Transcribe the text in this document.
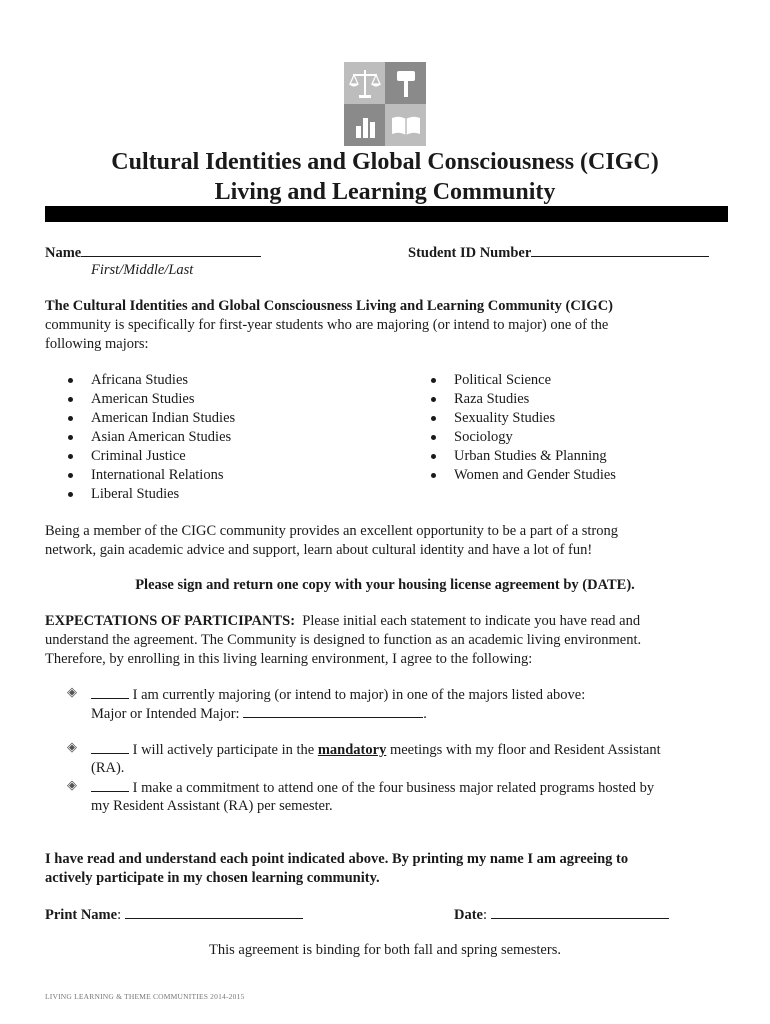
Cultural Identities and Global Consciousness (CIGC)
Living and Learning Community
Name
First/Middle/Last
Student ID Number
The Cultural Identities and Global Consciousness Living and Learning Community (CIGC)
community is specifically for first-year students who are majoring (or intend to major) one of the
following majors:
Africana Studies
American Studies
American Indian Studies
Asian American Studies
Criminal Justice
International Relations
Liberal Studies
Political Science
Raza Studies
Sexuality Studies
Sociology
Urban Studies & Planning
Women and Gender Studies
Being a member of the CIGC community provides an excellent opportunity to be a part of a strong
network, gain academic advice and support, learn about cultural identity and have a lot of fun!
Please sign and return one copy with your housing license agreement by (DATE).
EXPECTATIONS OF PARTICIPANTS: Please initial each statement to indicate you have read and
understand the agreement. The Community is designed to function as an academic living environment.
Therefore, by enrolling in this living learning environment, I agree to the following:
◈	I am currently majoring (or intend to major) in one of the majors listed above:
Major or Intended Major:	.
◈	I will actively participate in the mandatory meetings with my floor and Resident Assistant
(RA).
◈	I make a commitment to attend one of the four business major related programs hosted by
my Resident Assistant (RA) per semester.
I have read and understand each point indicated above. By printing my name I am agreeing to
actively participate in my chosen learning community.
Print Name:	Date:
This agreement is binding for both fall and spring semesters.
LIVING LEARNING & THEME COMMUNITIES 2014-2015
